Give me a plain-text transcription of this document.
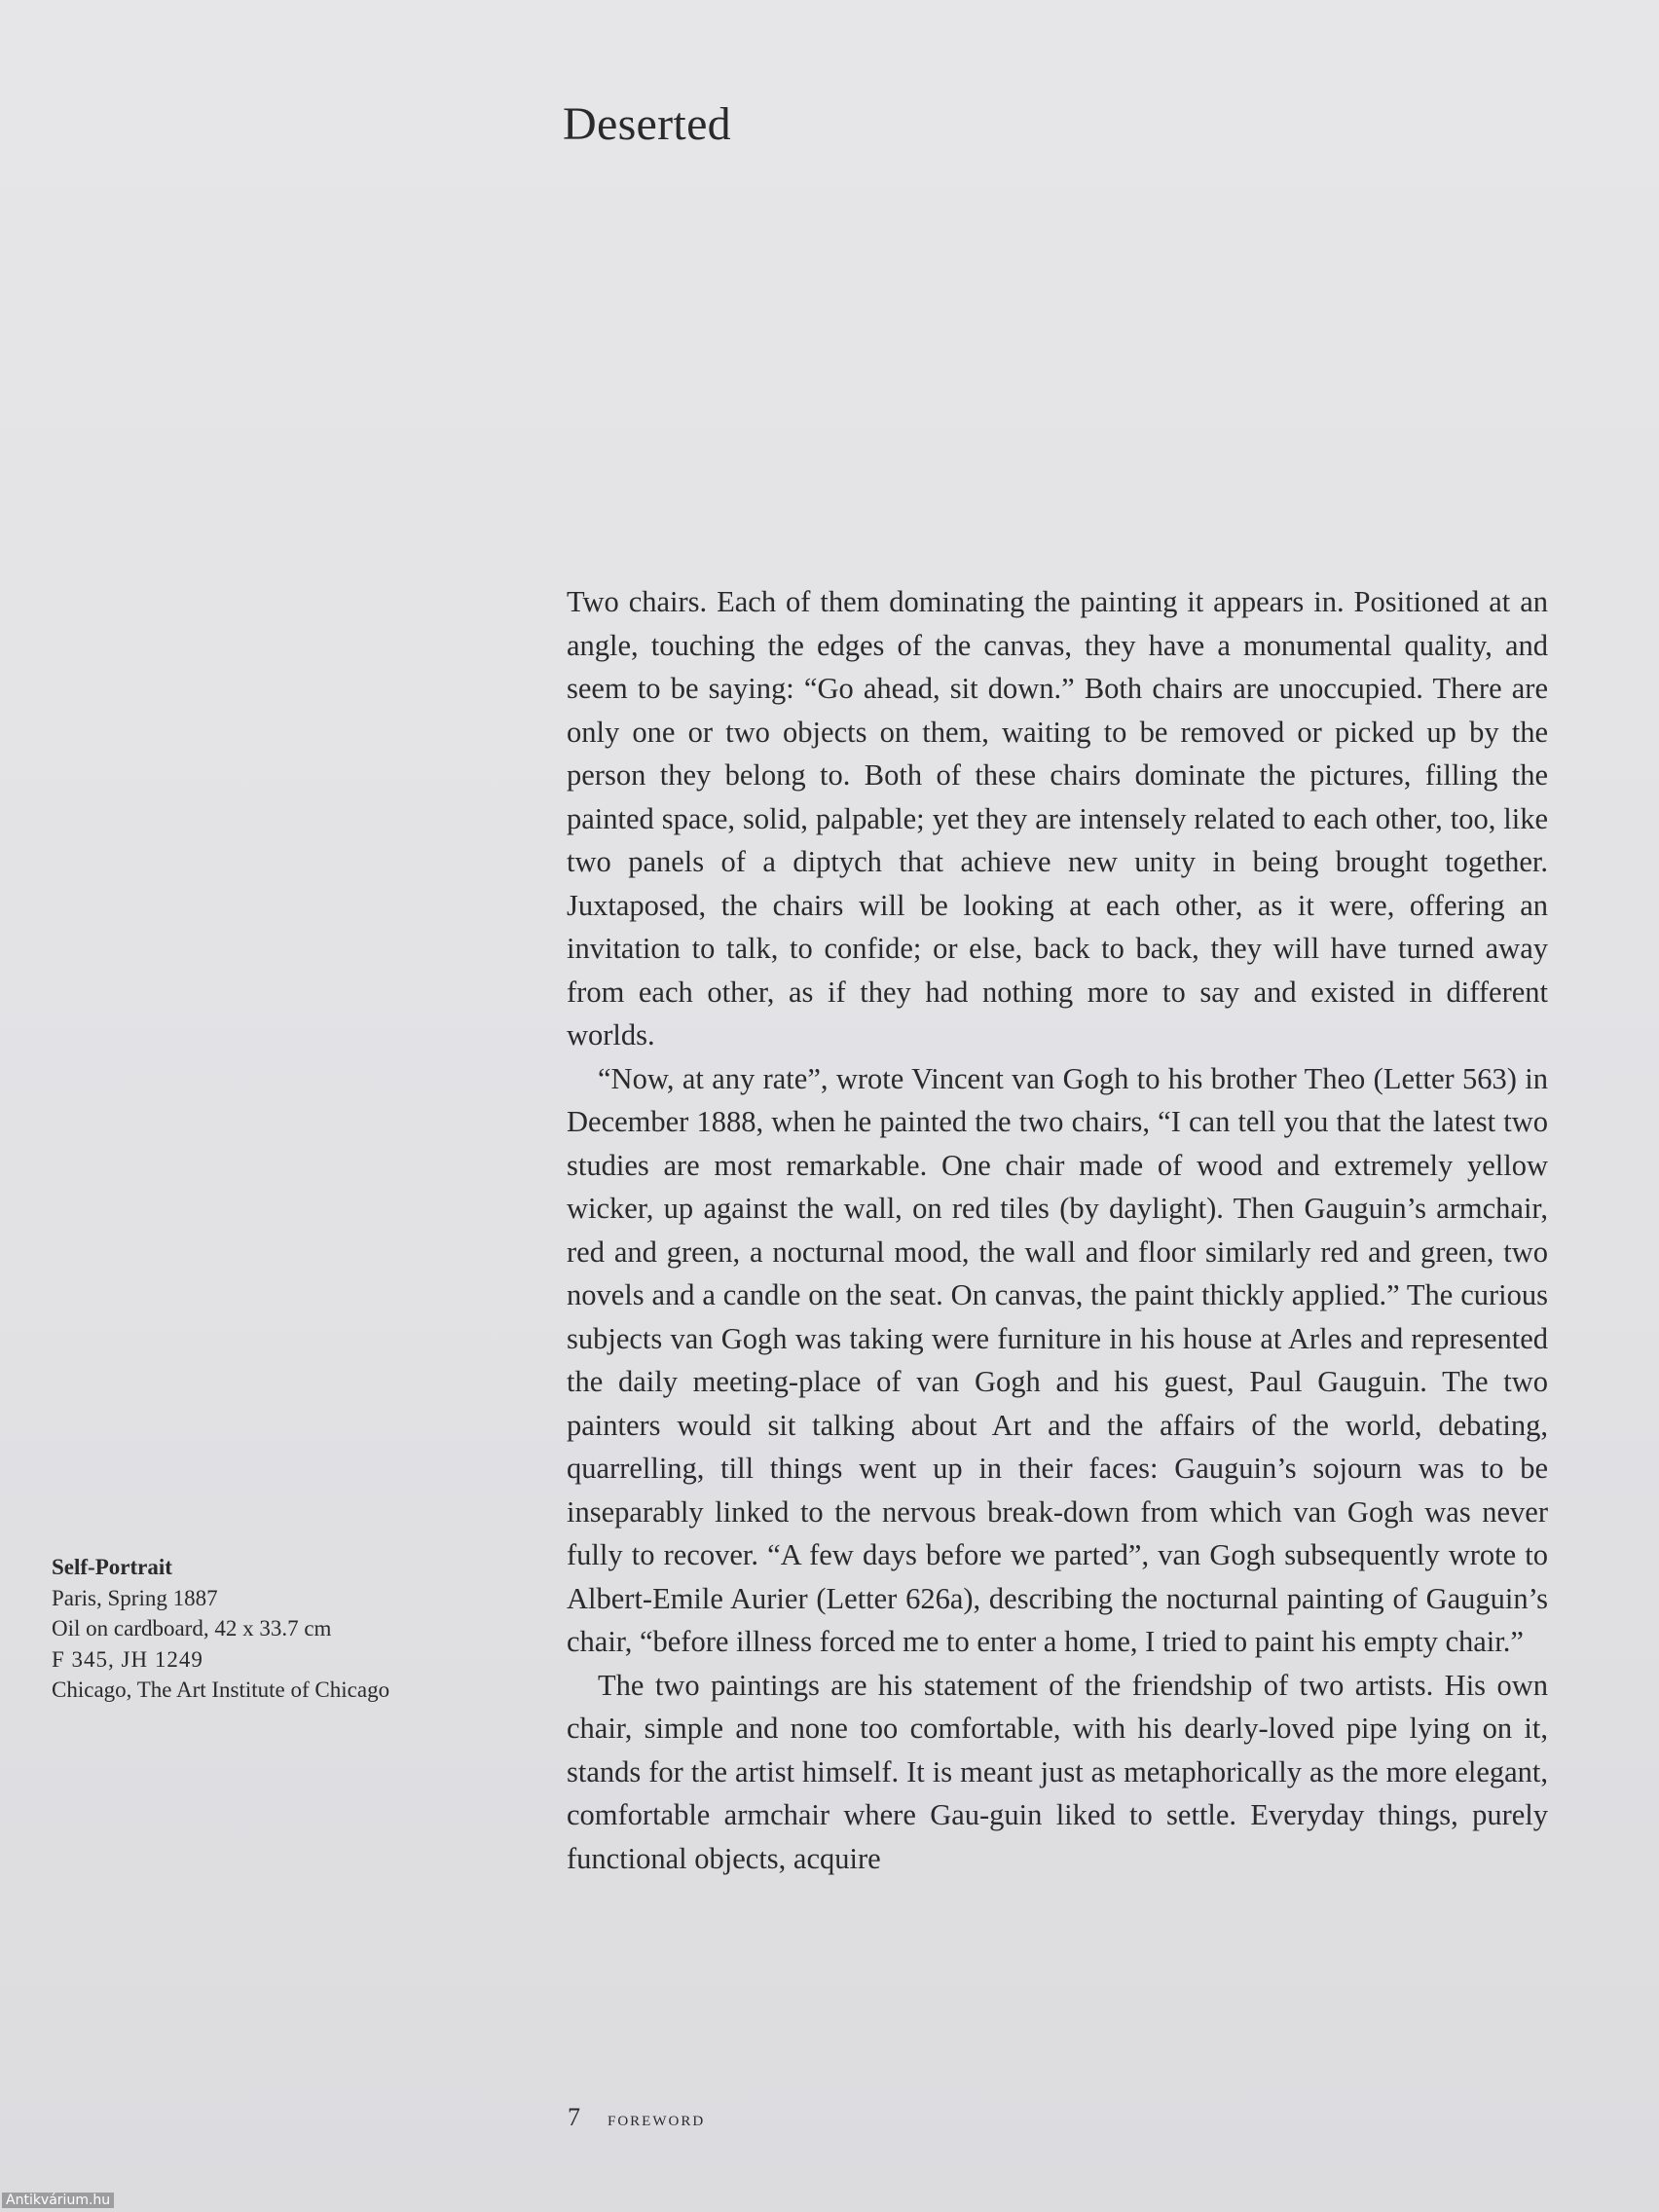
Deserted

Two chairs. Each of them dominating the painting it appears in. Positioned at an angle, touching the edges of the canvas, they have a monumental quality, and seem to be saying: “Go ahead, sit down.” Both chairs are unoccupied. There are only one or two objects on them, waiting to be removed or picked up by the person they belong to. Both of these chairs dominate the pictures, filling the painted space, solid, palpable; yet they are intensely related to each other, too, like two panels of a diptych that achieve new unity in being brought together. Juxtaposed, the chairs will be looking at each other, as it were, offering an invitation to talk, to confide; or else, back to back, they will have turned away from each other, as if they had nothing more to say and existed in different worlds.

“Now, at any rate”, wrote Vincent van Gogh to his brother Theo (Letter 563) in December 1888, when he painted the two chairs, “I can tell you that the latest two studies are most remarkable. One chair made of wood and extremely yellow wicker, up against the wall, on red tiles (by daylight). Then Gauguin’s armchair, red and green, a nocturnal mood, the wall and floor similarly red and green, two novels and a candle on the seat. On canvas, the paint thickly applied.” The curious subjects van Gogh was taking were furniture in his house at Arles and represented the daily meeting-place of van Gogh and his guest, Paul Gauguin. The two painters would sit talking about Art and the affairs of the world, debating, quarrelling, till things went up in their faces: Gauguin’s sojourn was to be inseparably linked to the nervous break-down from which van Gogh was never fully to recover. “A few days before we parted”, van Gogh subsequently wrote to Albert-Emile Aurier (Letter 626a), describing the nocturnal painting of Gauguin’s chair, “before illness forced me to enter a home, I tried to paint his empty chair.”

The two paintings are his statement of the friendship of two artists. His own chair, simple and none too comfortable, with his dearly-loved pipe lying on it, stands for the artist himself. It is meant just as metaphorically as the more elegant, comfortable armchair where Gau-guin liked to settle. Everyday things, purely functional objects, acquire

Self-Portrait
Paris, Spring 1887
Oil on cardboard, 42 x 33.7 cm
F 345, JH 1249
Chicago, The Art Institute of Chicago
7 foreword
Antikvárium.hu
